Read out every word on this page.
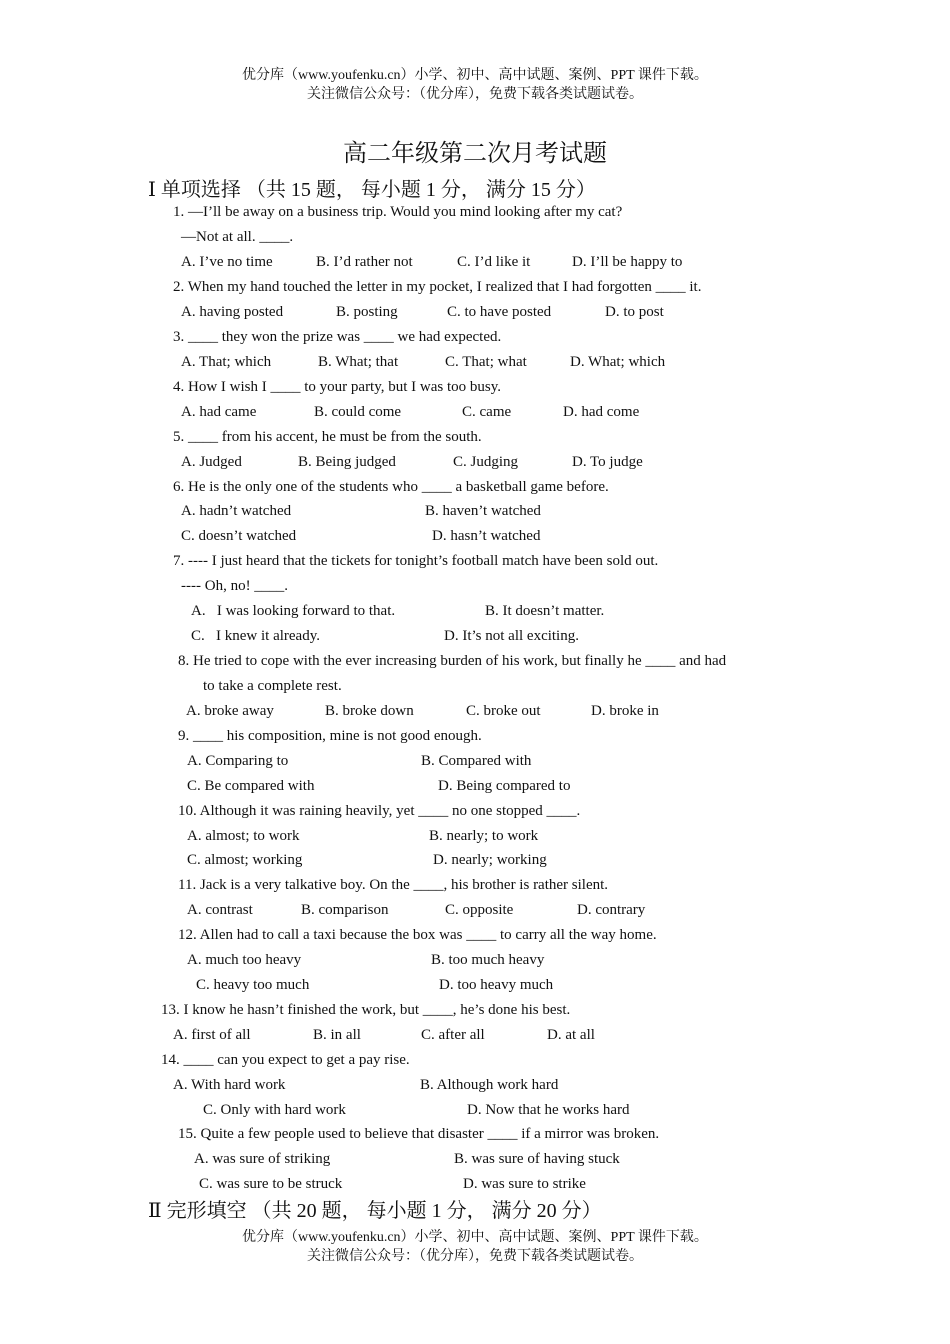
优分库（www.youfenku.cn）小学、初中、高中试题、案例、PPT 课件下载。
关注微信公众号：（优分库），免费下载各类试题试卷。
高二年级第二次月考试题
Ⅰ 单项选择 （共 15 题， 每小题 1 分， 满分 15 分）
1. —I’ll be away on a business trip. Would you mind looking after my cat?
—Not at all. ____.
A. I’ve no time	B. I’d rather not	C. I’d like it	D. I’ll be happy to
2. When my hand touched the letter in my pocket, I realized that I had forgotten ____ it.
A. having posted	B. posting	C. to have posted	D. to post
3. ____ they won the prize was ____ we had expected.
A. That; which	B. What; that	C. That; what	D. What; which
4. How I wish I ____ to your party, but I was too busy.
A. had came	B. could come	C. came	D. had come
5. ____ from his accent, he must be from the south.
A. Judged	B. Being judged	C. Judging	D. To judge
6. He is the only one of the students who ____ a basketball game before.
A. hadn’t watched	B. haven’t watched
C. doesn’t watched	D. hasn’t watched
7. ---- I just heard that the tickets for tonight’s football match have been sold out.
---- Oh, no! ____.
A.   I was looking forward to that.	B. It doesn’t matter.
C.   I knew it already.	D. It’s not all exciting.
8. He tried to cope with the ever increasing burden of his work, but finally he ____ and had
to take a complete rest.
A. broke away	B. broke down	C. broke out	D. broke in
9. ____ his composition, mine is not good enough.
A. Comparing to	B. Compared with
C. Be compared with	D. Being compared to
10. Although it was raining heavily, yet ____ no one stopped ____.
A. almost; to work	B. nearly; to work
C. almost; working	D. nearly; working
11. Jack is a very talkative boy. On the ____, his brother is rather silent.
A. contrast	B. comparison	C. opposite	D. contrary
12. Allen had to call a taxi because the box was ____ to carry all the way home.
A. much too heavy	B. too much heavy
C. heavy too much	D. too heavy much
13. I know he hasn’t finished the work, but ____, he’s done his best.
A. first of all	B. in all	C. after all	D. at all
14. ____ can you expect to get a pay rise.
A. With hard work	B. Although work hard
C. Only with hard work	D. Now that he works hard
15. Quite a few people used to believe that disaster ____ if a mirror was broken.
A. was sure of striking	B. was sure of having stuck
C. was sure to be struck	D. was sure to strike
Ⅱ 完形填空 （共 20 题， 每小题 1 分， 满分 20 分）
优分库（www.youfenku.cn）小学、初中、高中试题、案例、PPT 课件下载。
关注微信公众号：（优分库），免费下载各类试题试卷。
